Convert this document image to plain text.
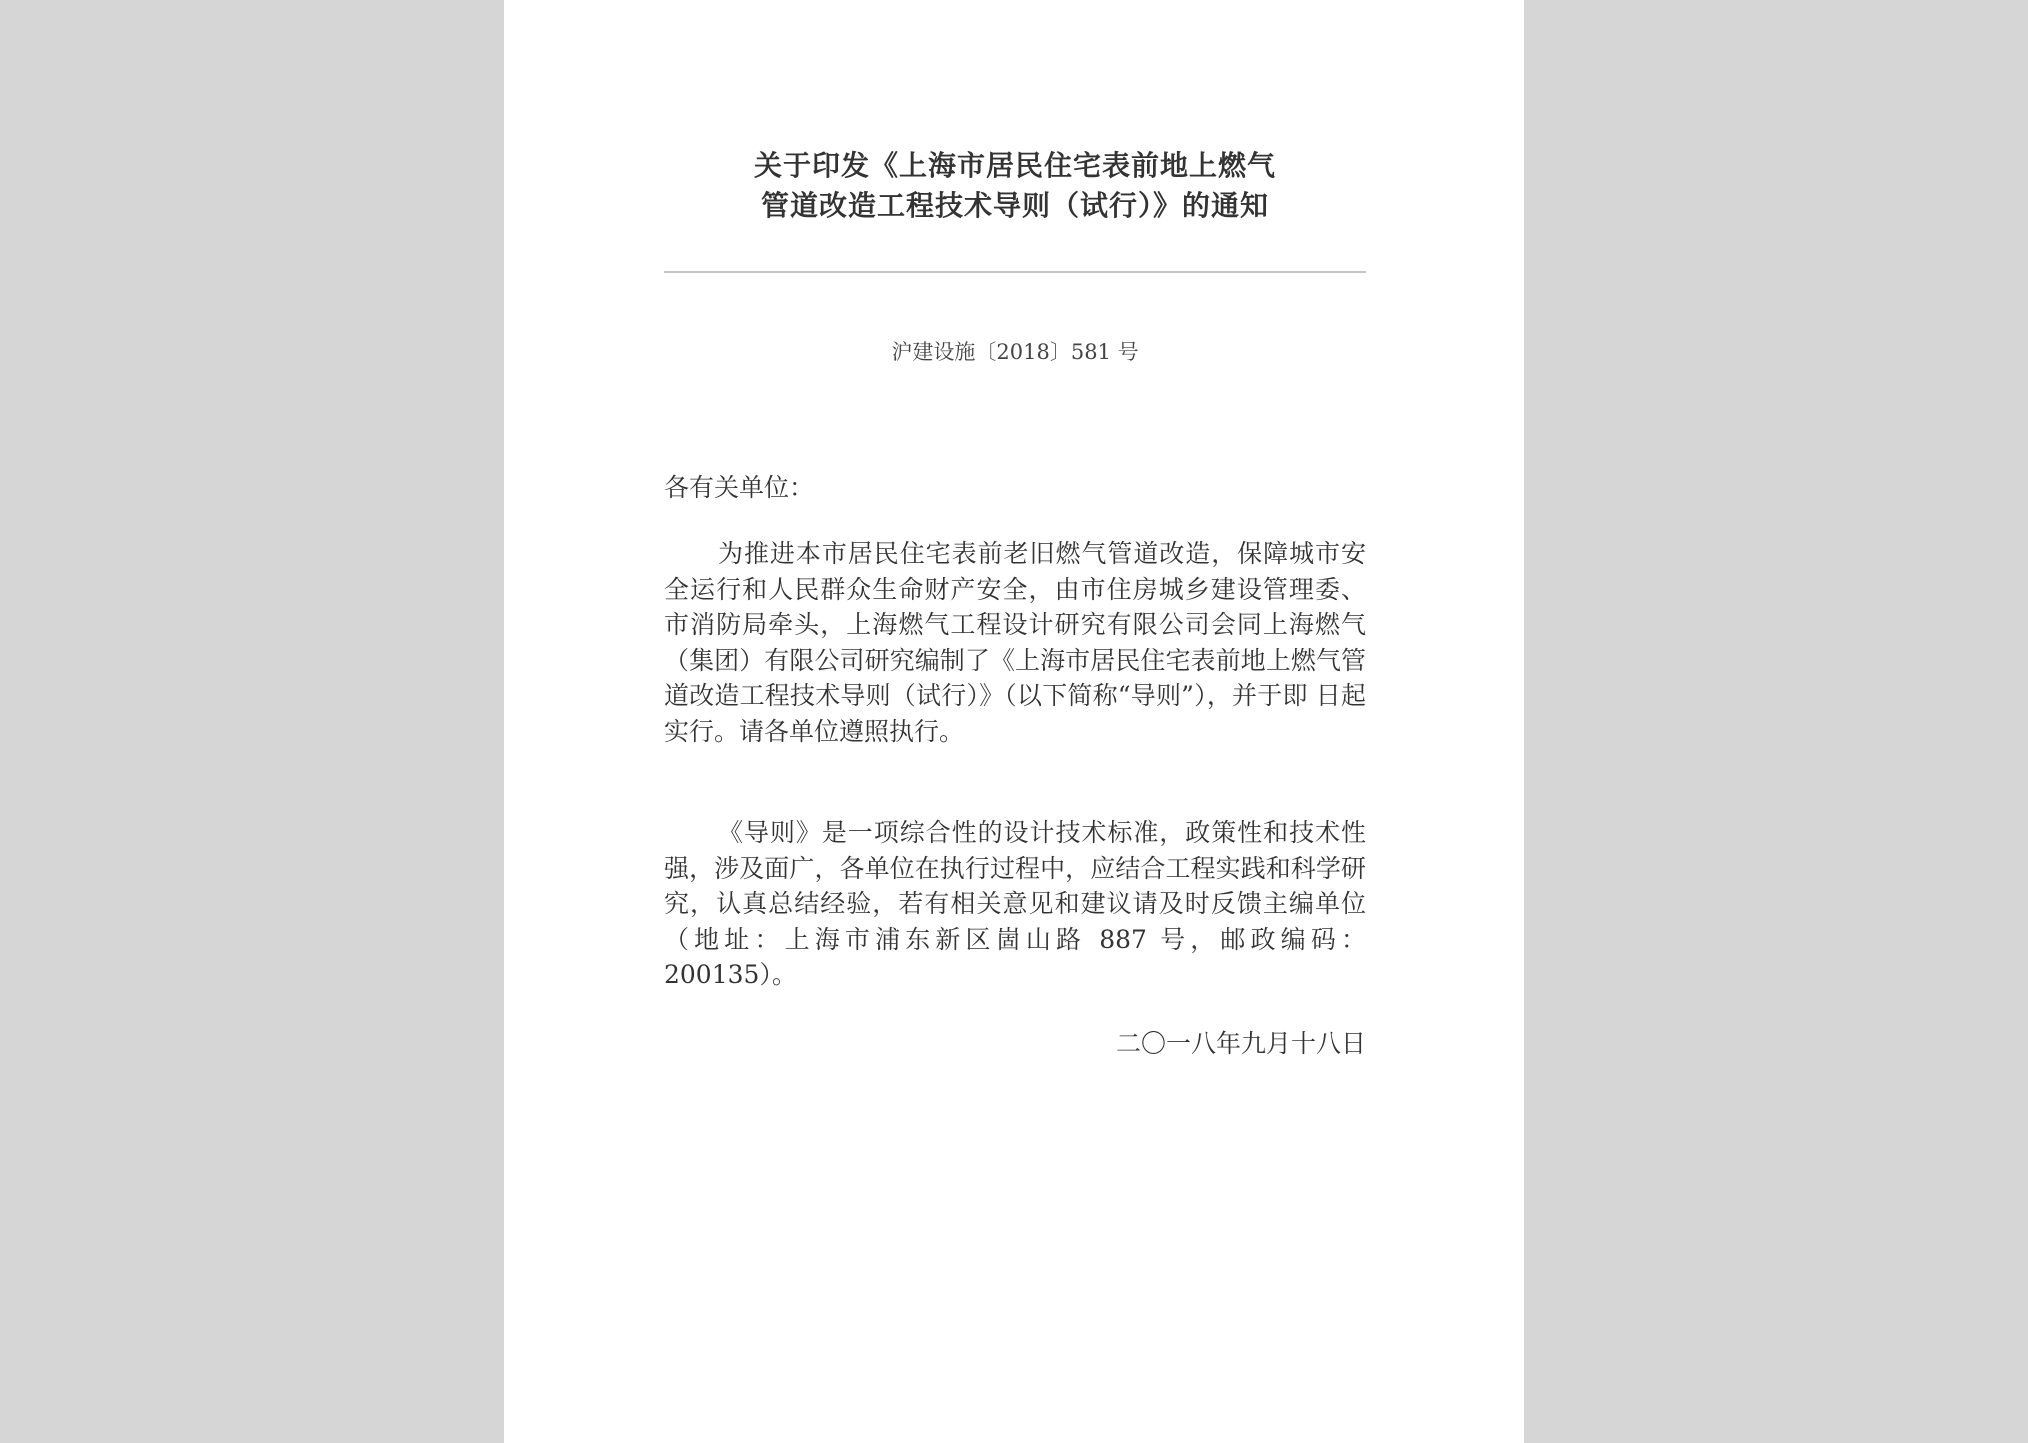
关于印发《上海市居民住宅表前地上燃气
管道改造工程技术导则（试行）》的通知
沪建设施〔2018〕581 号
各有关单位：

为推进本市居民住宅表前老旧燃气管道改造，保障城市安全运行和人民群众生命财产安全，由市住房城乡建设管理委、 市消防局牵头，上海燃气工程设计研究有限公司会同上海燃气（集团）有限公司研究编制了《上海市居民住宅表前地上燃气管道改造工程技术导则（试行）》（以下简称“导则”），并于即 日起实行。请各单位遵照执行。

《导则》是一项综合性的设计技术标准，政策性和技术性强，涉及面广，各单位在执行过程中，应结合工程实践和科学研究，认真总结经验，若有相关意见和建议请及时反馈主编单位（地址：上海市浦东新区崮山路 887 号，邮政编码：200135）。

二〇一八年九月十八日
